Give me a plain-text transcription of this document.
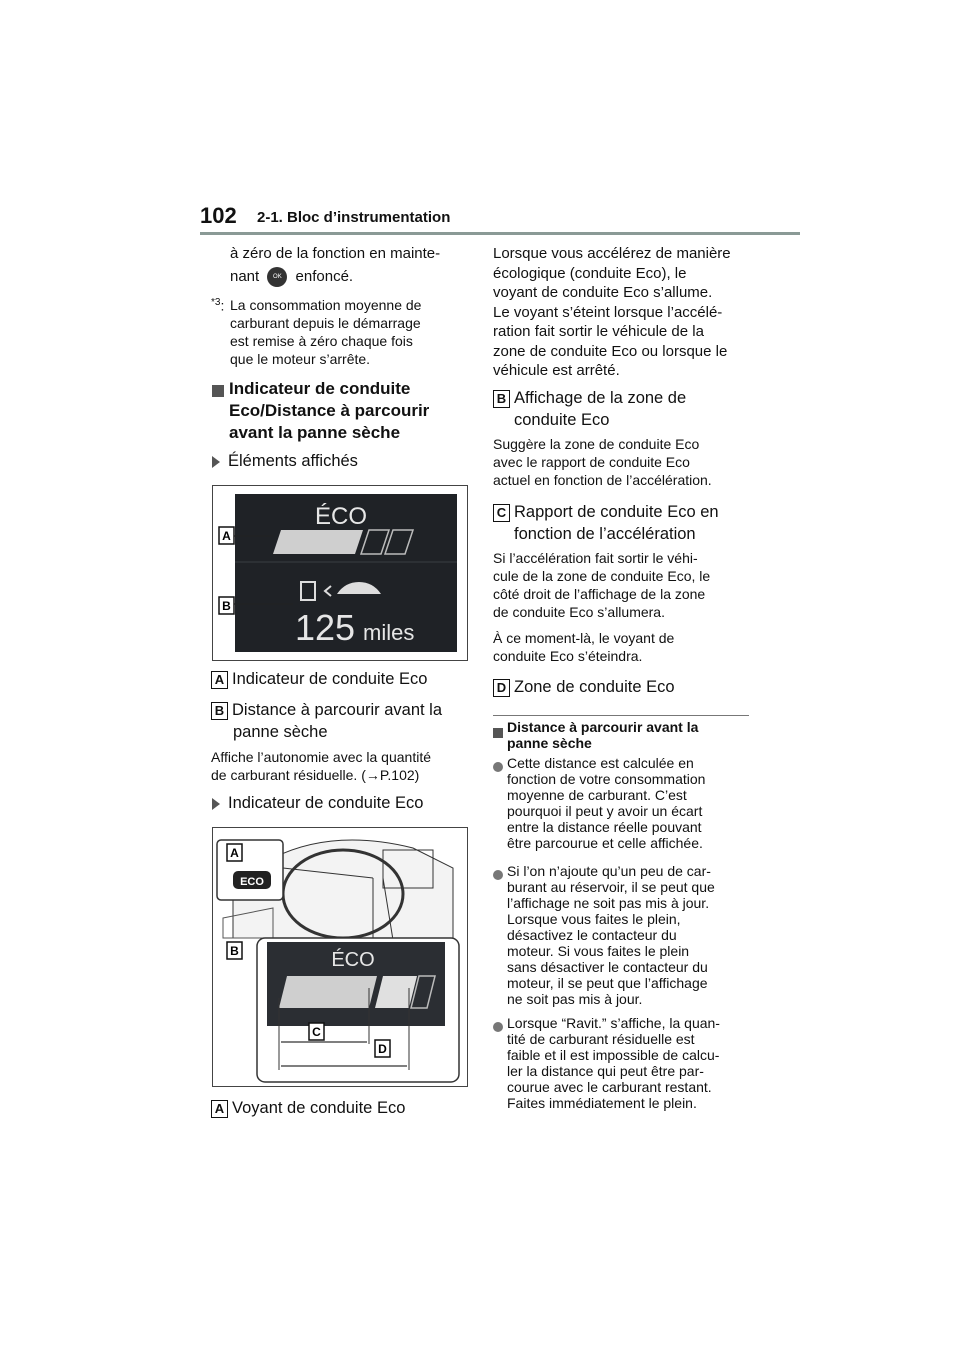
102 2-1. Bloc d’instrumentation
à zéro de la fonction en mainte-
nant OK enfoncé.
$^{*3}$: La consommation moyenne de
carburant depuis le démarrage
est remise à zéro chaque fois
que le moteur s’arrête.
Indicateur de conduite
Eco/Distance à parcourir
avant la panne sèche
Éléments affichés
ÉCO
125 miles
A
B
A Indicateur de conduite Eco
B Distance à parcourir avant la
panne sèche
Affiche l’autonomie avec la quantité
de carburant résiduelle. (→P.102)
Indicateur de conduite Eco
ECO
ÉCO
C
D
A
B
A Voyant de conduite Eco
Lorsque vous accélérez de manière
écologique (conduite Eco), le
voyant de conduite Eco s’allume.
Le voyant s’éteint lorsque l’accélé-
ration fait sortir le véhicule de la
zone de conduite Eco ou lorsque le
véhicule est arrêté.
B Affichage de la zone de
conduite Eco
Suggère la zone de conduite Eco
avec le rapport de conduite Eco
actuel en fonction de l’accélération.
C Rapport de conduite Eco en
fonction de l’accélération
Si l’accélération fait sortir le véhi-
cule de la zone de conduite Eco, le
côté droit de l’affichage de la zone
de conduite Eco s’allumera.
À ce moment-là, le voyant de
conduite Eco s’éteindra.
D Zone de conduite Eco
Distance à parcourir avant la
panne sèche
Cette distance est calculée en
fonction de votre consommation
moyenne de carburant. C’est
pourquoi il peut y avoir un écart
entre la distance réelle pouvant
être parcourue et celle affichée.
Si l’on n’ajoute qu’un peu de car-
burant au réservoir, il se peut que
l’affichage ne soit pas mis à jour.
Lorsque vous faites le plein,
désactivez le contacteur du
moteur. Si vous faites le plein
sans désactiver le contacteur du
moteur, il se peut que l’affichage
ne soit pas mis à jour.
Lorsque “Ravit.” s’affiche, la quan-
tité de carburant résiduelle est
faible et il est impossible de calcu-
ler la distance qui peut être par-
courue avec le carburant restant.
Faites immédiatement le plein.
